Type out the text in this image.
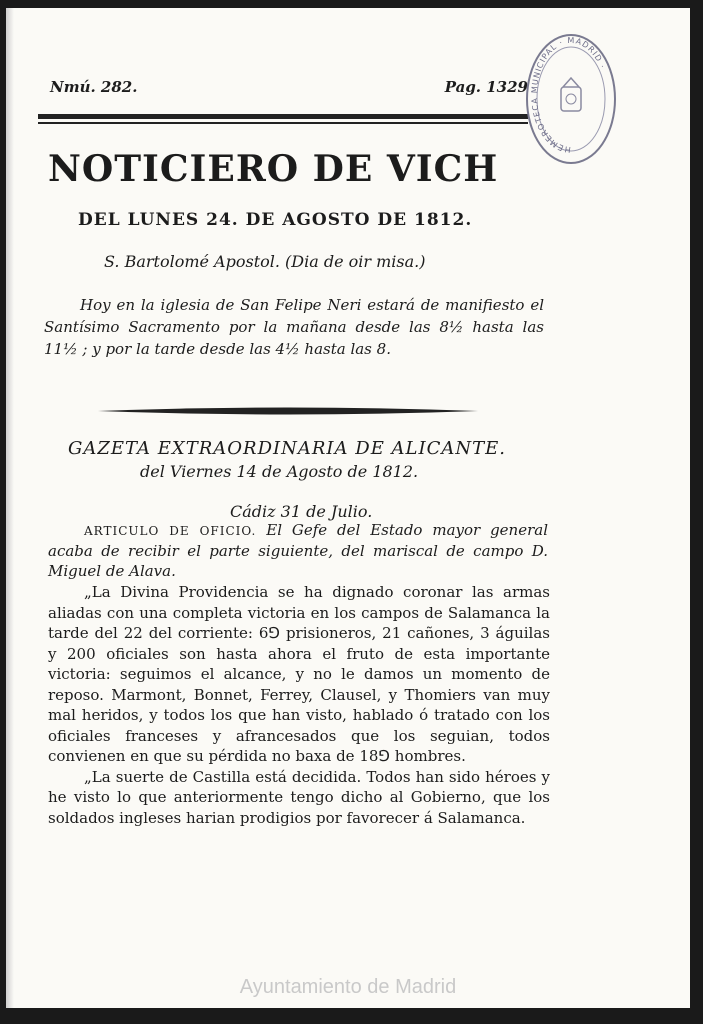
Nmú. 282.	Pag. 1329
NOTICIERO DE VICH
DEL LUNES 24. DE AGOSTO DE 1812.
S. Bartolomé Apostol. (Dia de oir misa.)
Hoy en la iglesia de San Felipe Neri estará de manifiesto el Santísimo Sacramento por la mañana desde las 8½ hasta las 11½ ; y por la tarde desde las 4½ hasta las 8.
GAZETA EXTRAORDINARIA DE ALICANTE.
del Viernes 14 de Agosto de 1812.
Cádiz 31 de Julio.

ARTICULO DE OFICIO. El Gefe del Estado mayor general acaba de recibir el parte siguiente, del mariscal de campo D. Miguel de Alava.

„La Divina Providencia se ha dignado coronar las armas aliadas con una completa victoria en los campos de Salamanca la tarde del 22 del corriente: 6⅁ prisioneros, 21 cañones, 3 águilas y 200 oficiales son hasta ahora el fruto de esta importante victoria: seguimos el alcance, y no le damos un momento de reposo. Marmont, Bonnet, Ferrey, Clausel, y Thomiers van muy mal heridos, y todos los que han visto, hablado ó tratado con los oficiales franceses y afrancesados que los seguian, todos convienen en que su pérdida no baxa de 18⅁ hombres.

„La suerte de Castilla está decidida. Todos han sido héroes y he visto lo que anteriormente tengo dicho al Gobierno, que los soldados ingleses harian prodigios por favorecer á Salamanca.

HEMEROTECA MUNICIPAL · MADRID ·
Ayuntamiento de Madrid
